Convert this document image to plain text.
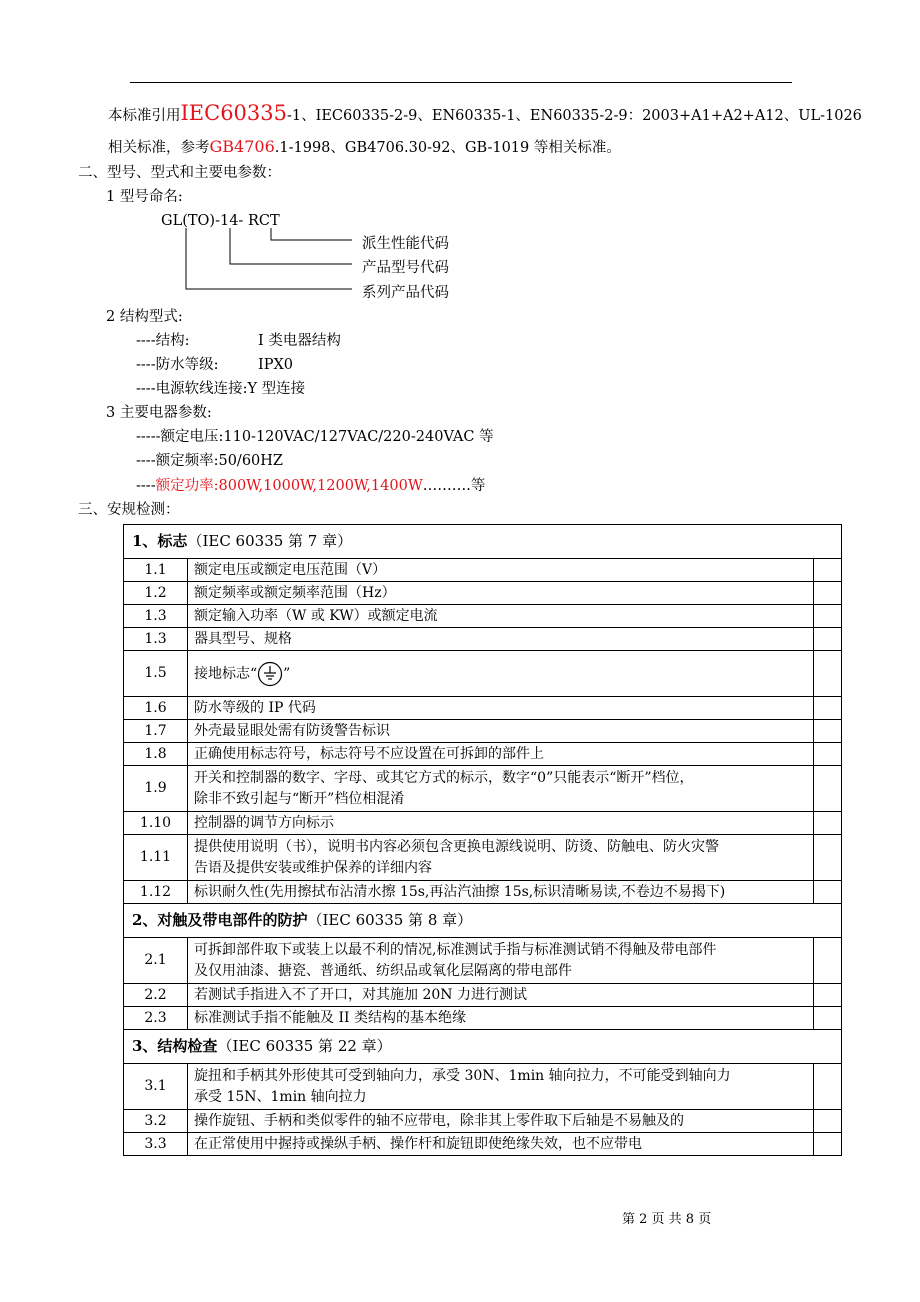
本标准引用IEC60335-1、IEC60335-2-9、EN60335-1、EN60335-2-9：2003+A1+A2+A12、UL-1026
相关标准，参考GB4706.1-1998、GB4706.30-92、GB-1019 等相关标准。
二、型号、型式和主要电参数：
1 型号命名:
GL(TO)-14- RCT
派生性能代码
产品型号代码
系列产品代码
2 结构型式:
----结构:	I 类电器结构
----防水等级:	IPX0
----电源软线连接:Y 型连接
3 主要电器参数:
-----额定电压:110-120VAC/127VAC/220-240VAC 等
----额定频率:50/60HZ
----额定功率:800W,1000W,1200W,1400W……….等
三、安规检测：
1、标志（IEC 60335 第 7 章）		
1.1	额定电压或额定电压范围（V）	

1.2	额定频率或额定频率范围（Hz）	

1.3	额定输入功率（W 或 KW）或额定电流	

1.3	器具型号、规格	

1.5	接地标志“ ”	
1.6	防水等级的 IP 代码	

1.7	外壳最显眼处需有防烫警告标识	

1.8	正确使用标志符号，标志符号不应设置在可拆卸的部件上	

1.9	开关和控制器的数字、字母、或其它方式的标示，数字“0”只能表示“断开”档位，
除非不致引起与“断开”档位相混淆	

1.10	控制器的调节方向标示	

1.11	提供使用说明（书），说明书内容必须包含更换电源线说明、防烫、防触电、防火灾警
告语及提供安装或维护保养的详细内容	

1.12	标识耐久性(先用擦拭布沾清水擦 15s,再沾汽油擦 15s,标识清晰易读,不卷边不易揭下)	

2、对触及带电部件的防护（IEC 60335 第 8 章）		
2.1	可拆卸部件取下或装上以最不利的情况,标准测试手指与标准测试销不得触及带电部件
及仅用油漆、搪瓷、普通纸、纺织品或氧化层隔离的带电部件	

2.2	若测试手指进入不了开口，对其施加 20N 力进行测试	

2.3	标准测试手指不能触及 II 类结构的基本绝缘	

3、结构检查（IEC 60335 第 22 章）		
3.1	旋扭和手柄其外形使其可受到轴向力，承受 30N、1min 轴向拉力，不可能受到轴向力
承受 15N、1min 轴向拉力	

3.2	操作旋钮、手柄和类似零件的轴不应带电，除非其上零件取下后轴是不易触及的	

3.3	在正常使用中握持或操纵手柄、操作杆和旋钮即使绝缘失效，也不应带电	

第 2 页 共 8 页
